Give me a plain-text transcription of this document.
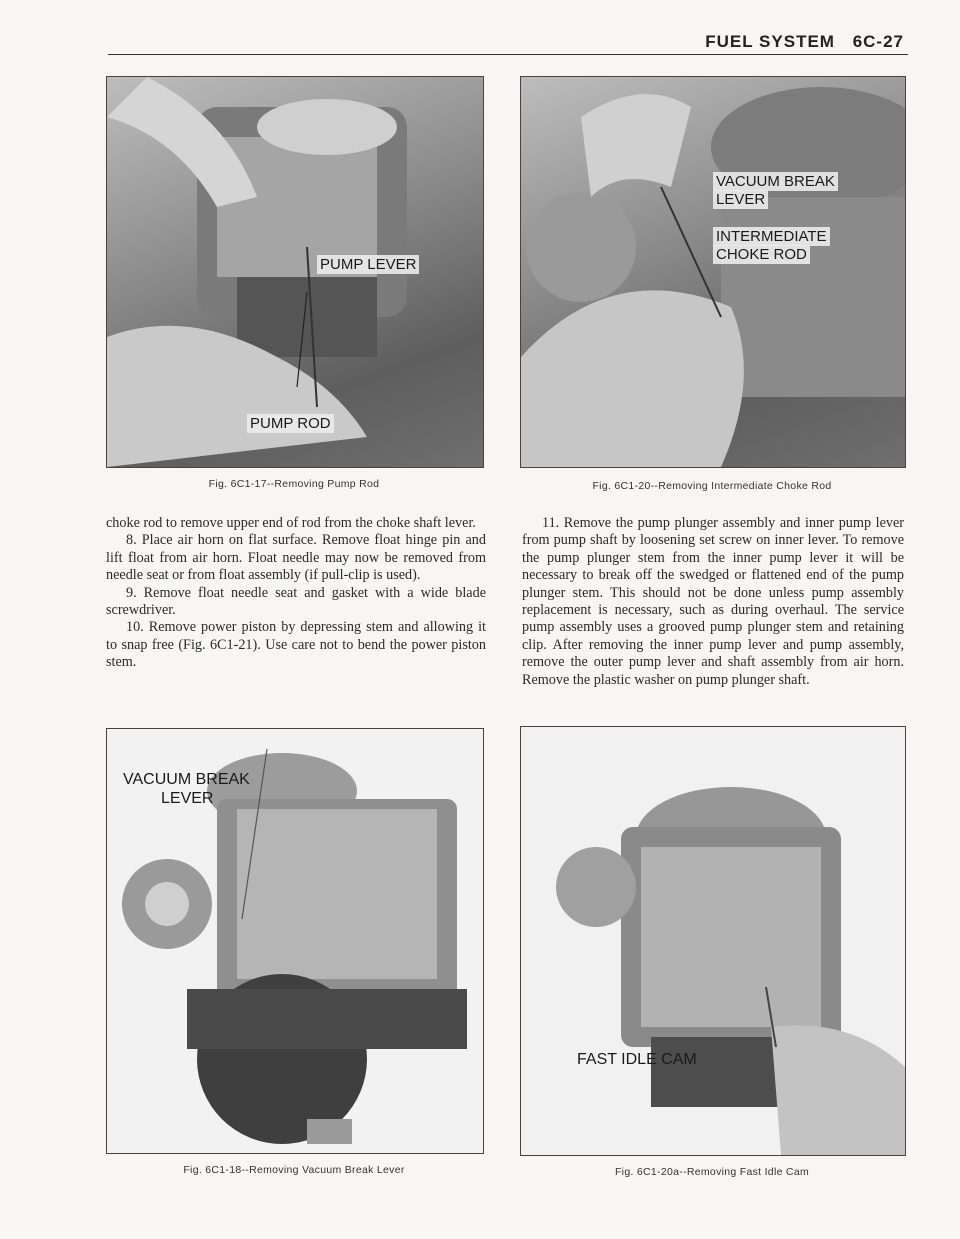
FUEL SYSTEM 6C-27
PUMP LEVER
PUMP ROD
Fig. 6C1-17--Removing Pump Rod
VACUUM BREAK
LEVER
INTERMEDIATE
CHOKE ROD
Fig. 6C1-20--Removing Intermediate Choke Rod

choke rod to remove upper end of rod from the choke shaft lever.

8. Place air horn on flat surface. Remove float hinge pin and lift float from air horn. Float needle may now be removed from needle seat or from float assembly (if pull-clip is used).

9. Remove float needle seat and gasket with a wide blade screwdriver.

10. Remove power piston by depressing stem and allowing it to snap free (Fig. 6C1-21). Use care not to bend the power piston stem.

11. Remove the pump plunger assembly and inner pump lever from pump shaft by loosening set screw on inner lever. To remove the pump plunger stem from the inner pump lever it will be necessary to break off the swedged or flattened end of the pump plunger stem. This should not be done unless pump assembly replacement is necessary, such as during overhaul. The service pump assembly uses a grooved pump plunger stem and retaining clip. After removing the inner pump lever and pump assembly, remove the outer pump lever and shaft assembly from air horn. Remove the plastic washer on pump plunger shaft.

VACUUM BREAK
LEVER
Fig. 6C1-18--Removing Vacuum Break Lever
FAST IDLE CAM
Fig. 6C1-20a--Removing Fast Idle Cam
